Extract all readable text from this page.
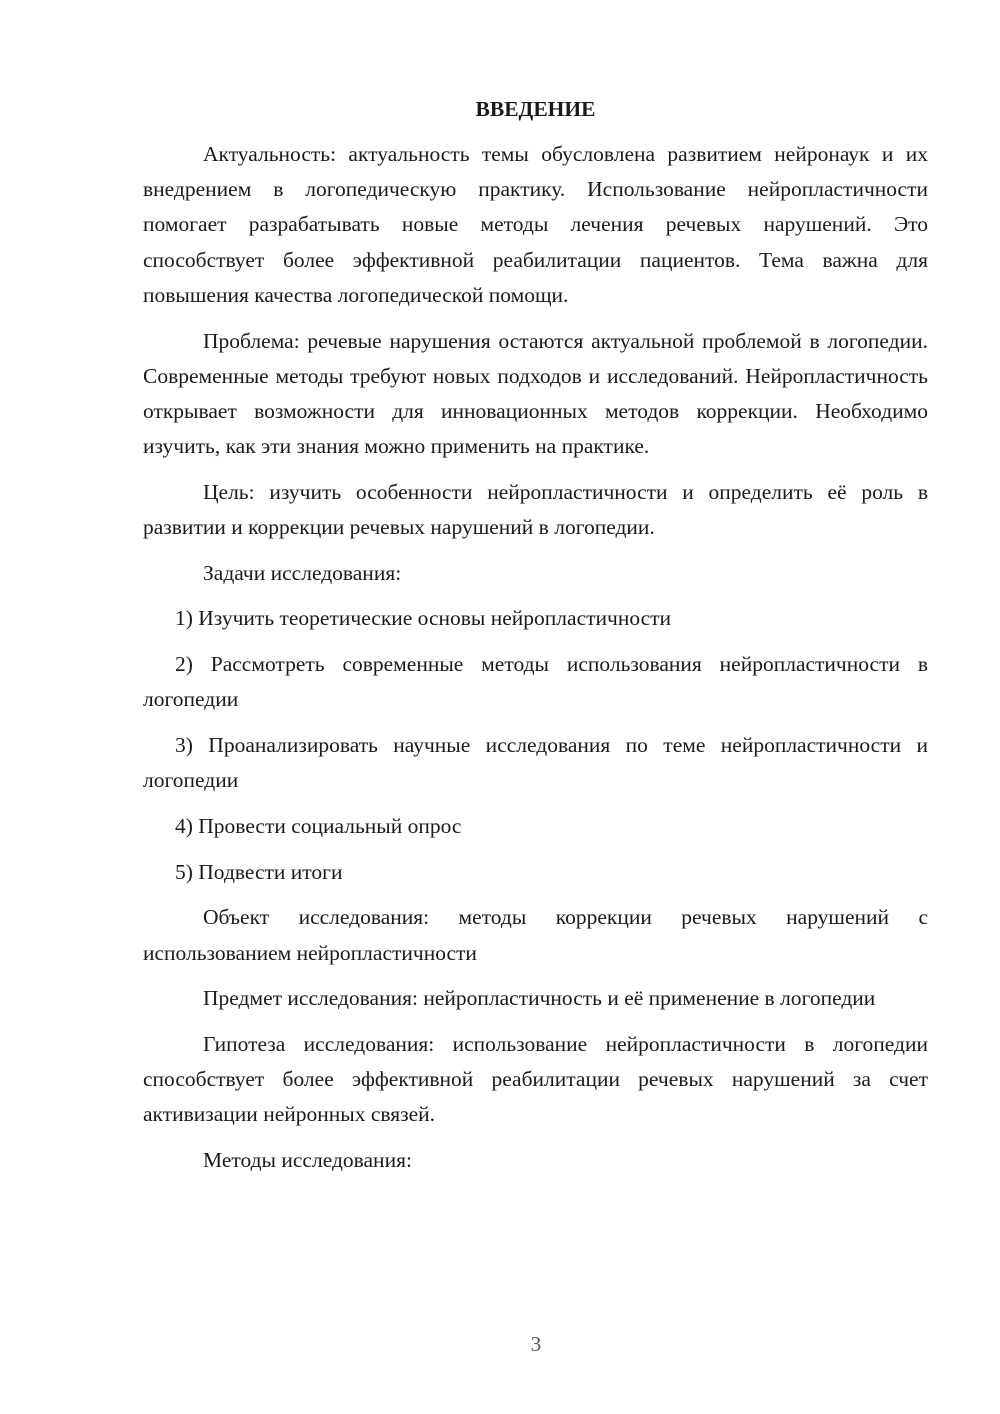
ВВЕДЕНИЕ

Актуальность: актуальность темы обусловлена развитием нейронаук и их внедрением в логопедическую практику. Использование нейропластичности помогает разрабатывать новые методы лечения речевых нарушений. Это способствует более эффективной реабилитации пациентов. Тема важна для повышения качества логопедической помощи.

Проблема: речевые нарушения остаются актуальной проблемой в логопедии. Современные методы требуют новых подходов и исследований. Нейропластичность открывает возможности для инновационных методов коррекции. Необходимо изучить, как эти знания можно применить на практике.

Цель: изучить особенности нейропластичности и определить её роль в развитии и коррекции речевых нарушений в логопедии.

Задачи исследования:

1) Изучить теоретические основы нейропластичности

2) Рассмотреть современные методы использования нейропластичности в логопедии

3) Проанализировать научные исследования по теме нейропластичности и логопедии

4) Провести социальный опрос

5) Подвести итоги

Объект исследования: методы коррекции речевых нарушений с использованием нейропластичности

Предмет исследования: нейропластичность и её применение в логопедии

Гипотеза исследования: использование нейропластичности в логопедии способствует более эффективной реабилитации речевых нарушений за счет активизации нейронных связей.

Методы исследования:

3
